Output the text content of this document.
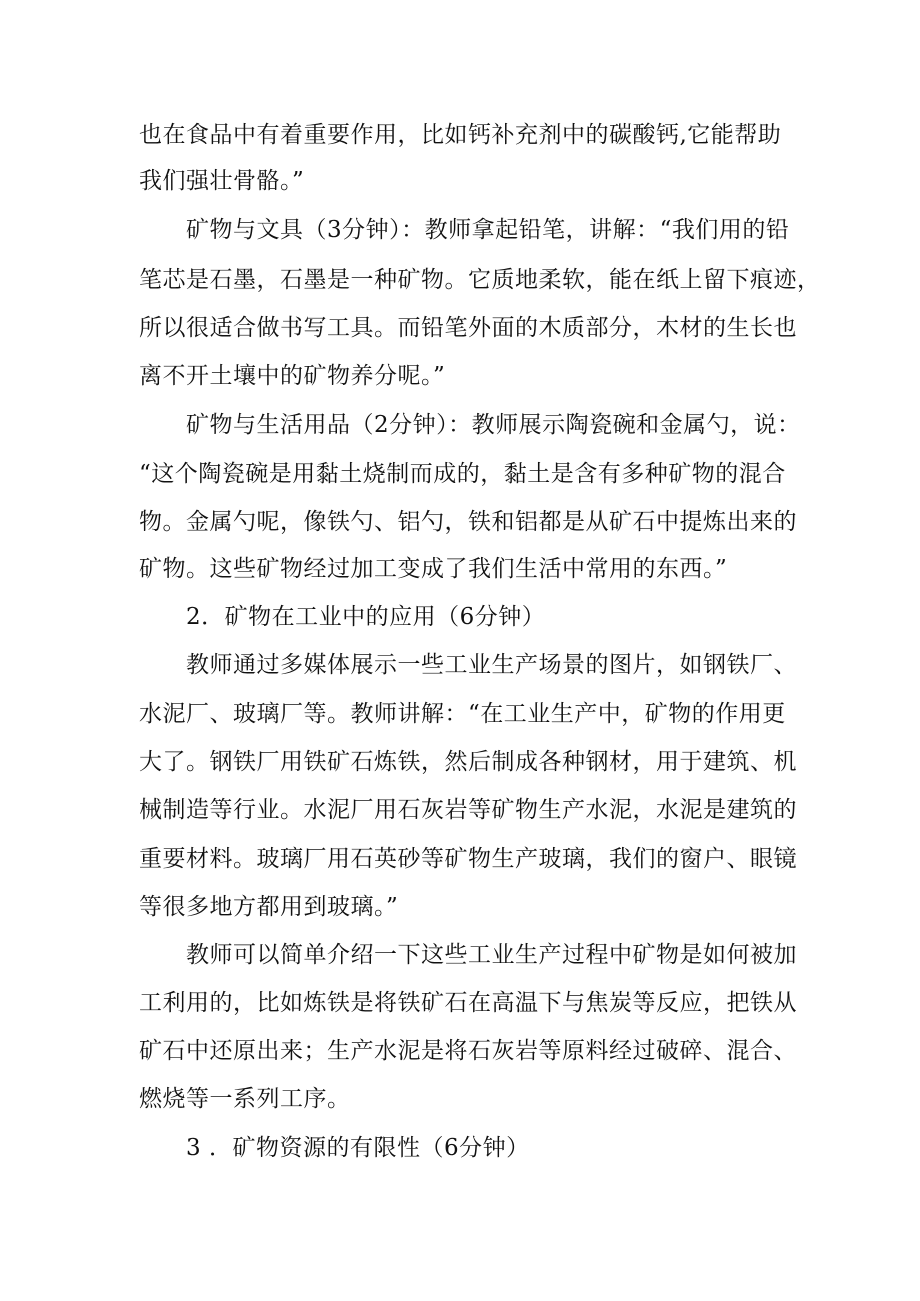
也在食品中有着重要作用，比如钙补充剂中的碳酸钙,它能帮助
我们强壮骨骼。”
矿物与文具（3分钟）：教师拿起铅笔，讲解：“我们用的铅
笔芯是石墨，石墨是一种矿物。它质地柔软，能在纸上留下痕迹，
所以很适合做书写工具。而铅笔外面的木质部分，木材的生长也
离不开土壤中的矿物养分呢。”
矿物与生活用品（2分钟）：教师展示陶瓷碗和金属勺，说：
“这个陶瓷碗是用黏土烧制而成的，黏土是含有多种矿物的混合
物。金属勺呢，像铁勺、铝勺，铁和铝都是从矿石中提炼出来的
矿物。这些矿物经过加工变成了我们生活中常用的东西。”
2．矿物在工业中的应用（6分钟）
教师通过多媒体展示一些工业生产场景的图片，如钢铁厂、
水泥厂、玻璃厂等。教师讲解：“在工业生产中，矿物的作用更
大了。钢铁厂用铁矿石炼铁，然后制成各种钢材，用于建筑、机
械制造等行业。水泥厂用石灰岩等矿物生产水泥，水泥是建筑的
重要材料。玻璃厂用石英砂等矿物生产玻璃，我们的窗户、眼镜
等很多地方都用到玻璃。”
教师可以简单介绍一下这些工业生产过程中矿物是如何被加
工利用的，比如炼铁是将铁矿石在高温下与焦炭等反应，把铁从
矿石中还原出来；生产水泥是将石灰岩等原料经过破碎、混合、
燃烧等一系列工序。
3 ．矿物资源的有限性（6分钟）
